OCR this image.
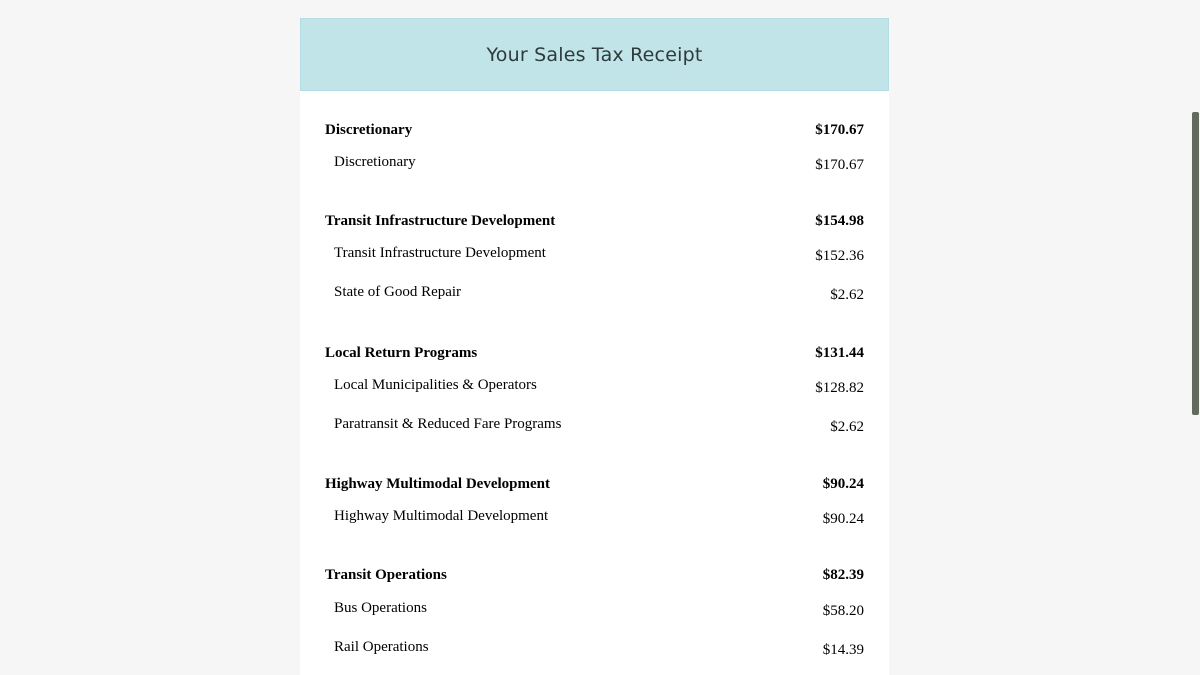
Your Sales Tax Receipt
Discretionary	$170.67
Discretionary	$170.67
Transit Infrastructure Development	$154.98
Transit Infrastructure Development	$152.36
State of Good Repair	$2.62
Local Return Programs	$131.44
Local Municipalities & Operators	$128.82
Paratransit & Reduced Fare Programs	$2.62
Highway Multimodal Development	$90.24
Highway Multimodal Development	$90.24
Transit Operations	$82.39
Bus Operations	$58.20
Rail Operations	$14.39
